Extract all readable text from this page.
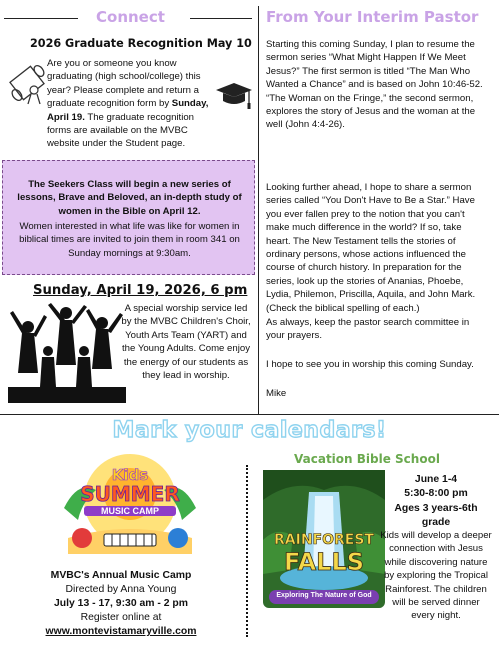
Connect	From Your Interim Pastor
2026 Graduate Recognition May 10
Are you or someone you know graduating (high school/college) this year? Please complete and return a graduate recognition form by Sunday, April 19. The graduate recognition forms are available on the MVBC website under the Student page.
The Seekers Class will begin a new series of lessons, Brave and Beloved, an in-depth study of women in the Bible on April 12.
Women interested in what life was like for women in biblical times are invited to join them in room 341 on Sunday mornings at 9:30am.
Sunday, April 19, 2026, 6 pm
A special worship service led by the MVBC Children's Choir, Youth Arts Team (YART) and the Young Adults. Come enjoy the energy of our students as they lead in worship.
Starting this coming Sunday, I plan to resume the sermon series “What Might Happen If We Meet Jesus?” The first sermon is titled “The Man Who Wanted a Chance” and is based on John 10:46-52. “The Woman on the Fringe,” the second sermon, explores the story of Jesus and the woman at the well (John 4:4-26).
Looking further ahead, I hope to share a sermon series called “You Don't Have to Be a Star.” Have you ever fallen prey to the notion that you can't make much difference in the world? If so, take heart. The New Testament tells the stories of ordinary persons, whose actions influenced the course of church history. In preparation for the series, look up the stories of Ananias, Phoebe, Lydia, Philemon, Priscilla, Aquila, and John Mark. (Check the biblical spelling of each.)
As always, keep the pastor search committee in your prayers.
I hope to see you in worship this coming Sunday.
Mike
Mark your calendars!
Kids
SUMMER
MUSIC CAMP
MVBC's Annual Music Camp
Directed by Anna Young
July 13 - 17, 9:30 am - 2 pm
Register online at
www.montevistamaryville.com
Vacation Bible School
RAINFOREST
FALLS
Exploring The Nature of God
June 1-4
5:30-8:00 pm
Ages 3 years-6th grade
Kids will develop a deeper connection with Jesus while discovering nature by exploring the Tropical Rainforest. The children will be served dinner every night.
